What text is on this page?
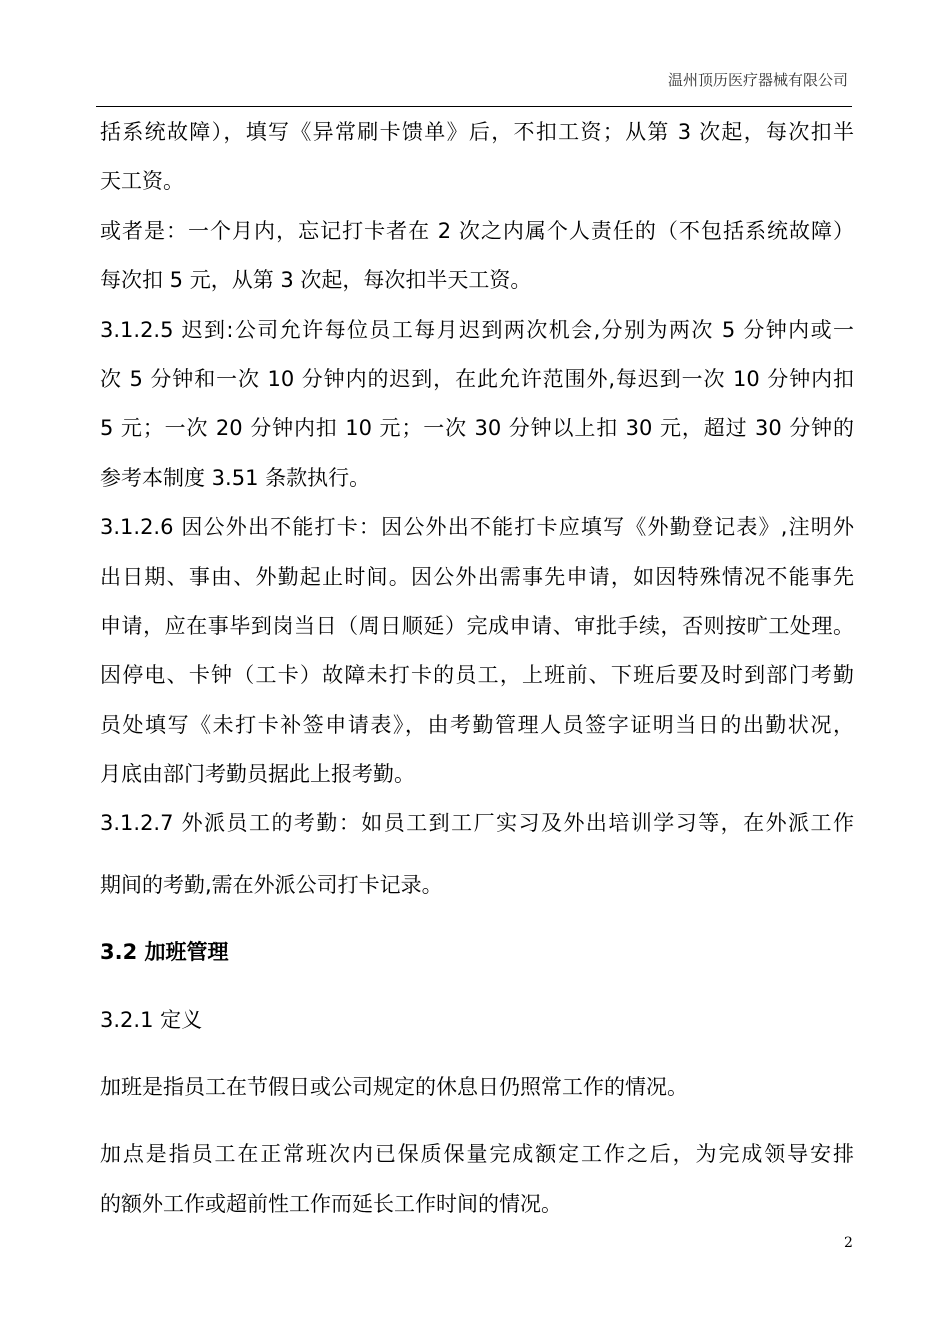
温州顶历医疗器械有限公司
括系统故障），填写《异常刷卡馈单》后，不扣工资；从第 3 次起，每次扣半
天工资。
或者是：一个月内，忘记打卡者在 2 次之内属个人责任的（不包括系统故障）
每次扣 5 元，从第 3 次起，每次扣半天工资。
3.1.2.5 迟到:公司允许每位员工每月迟到两次机会,分别为两次 5 分钟内或一
次 5 分钟和一次 10 分钟内的迟到，在此允许范围外,每迟到一次 10 分钟内扣
5 元；一次 20 分钟内扣 10 元；一次 30 分钟以上扣 30 元，超过 30 分钟的
参考本制度 3.51 条款执行。
3.1.2.6 因公外出不能打卡：因公外出不能打卡应填写《外勤登记表》,注明外
出日期、事由、外勤起止时间。因公外出需事先申请，如因特殊情况不能事先
申请，应在事毕到岗当日（周日顺延）完成申请、审批手续，否则按旷工处理。
因停电、卡钟（工卡）故障未打卡的员工，上班前、下班后要及时到部门考勤
员处填写《未打卡补签申请表》，由考勤管理人员签字证明当日的出勤状况，
月底由部门考勤员据此上报考勤。
3.1.2.7 外派员工的考勤：如员工到工厂实习及外出培训学习等，在外派工作
期间的考勤,需在外派公司打卡记录。
3.2 加班管理
3.2.1 定义
加班是指员工在节假日或公司规定的休息日仍照常工作的情况。
加点是指员工在正常班次内已保质保量完成额定工作之后，为完成领导安排
的额外工作或超前性工作而延长工作时间的情况。
2
